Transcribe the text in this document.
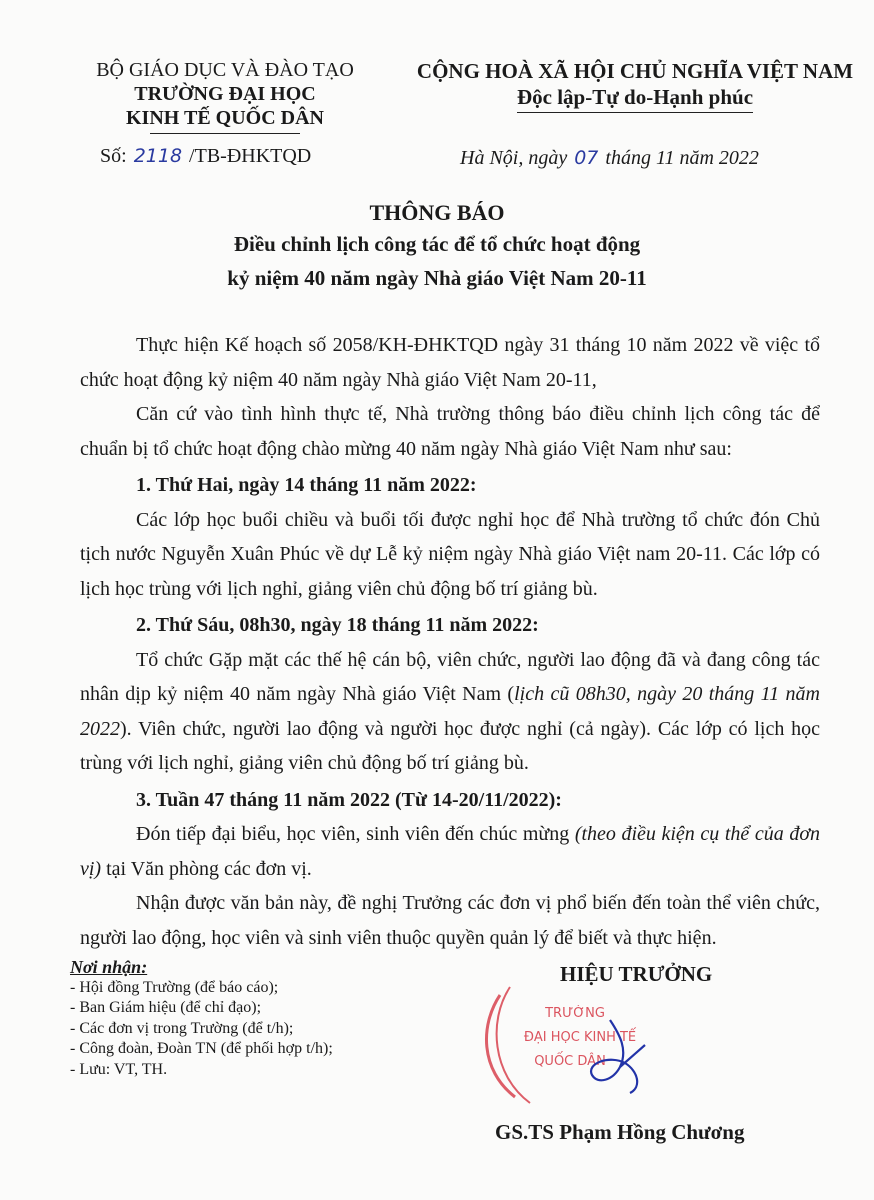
BỘ GIÁO DỤC VÀ ĐÀO TẠO
TRƯỜNG ĐẠI HỌC
KINH TẾ QUỐC DÂN
Số: 2118 /TB-ĐHKTQD
CỘNG HOÀ XÃ HỘI CHỦ NGHĨA VIỆT NAM
Độc lập-Tự do-Hạnh phúc
Hà Nội, ngày 07 tháng 11 năm 2022
THÔNG BÁO
Điều chỉnh lịch công tác để tổ chức hoạt động
kỷ niệm 40 năm ngày Nhà giáo Việt Nam 20-11

Thực hiện Kế hoạch số 2058/KH-ĐHKTQD ngày 31 tháng 10 năm 2022 về việc tổ chức hoạt động kỷ niệm 40 năm ngày Nhà giáo Việt Nam 20-11,

Căn cứ vào tình hình thực tế, Nhà trường thông báo điều chỉnh lịch công tác để chuẩn bị tổ chức hoạt động chào mừng 40 năm ngày Nhà giáo Việt Nam như sau:

1. Thứ Hai, ngày 14 tháng 11 năm 2022:

Các lớp học buổi chiều và buổi tối được nghỉ học để Nhà trường tổ chức đón Chủ tịch nước Nguyễn Xuân Phúc về dự Lễ kỷ niệm ngày Nhà giáo Việt nam 20-11. Các lớp có lịch học trùng với lịch nghỉ, giảng viên chủ động bố trí giảng bù.

2. Thứ Sáu, 08h30, ngày 18 tháng 11 năm 2022:

Tổ chức Gặp mặt các thế hệ cán bộ, viên chức, người lao động đã và đang công tác nhân dịp kỷ niệm 40 năm ngày Nhà giáo Việt Nam (lịch cũ 08h30, ngày 20 tháng 11 năm 2022). Viên chức, người lao động và người học được nghỉ (cả ngày). Các lớp có lịch học trùng với lịch nghỉ, giảng viên chủ động bố trí giảng bù.

3. Tuần 47 tháng 11 năm 2022 (Từ 14-20/11/2022):

Đón tiếp đại biểu, học viên, sinh viên đến chúc mừng (theo điều kiện cụ thể của đơn vị) tại Văn phòng các đơn vị.

Nhận được văn bản này, đề nghị Trưởng các đơn vị phổ biến đến toàn thể viên chức, người lao động, học viên và sinh viên thuộc quyền quản lý để biết và thực hiện.

Nơi nhận:
- Hội đồng Trường (để báo cáo);
- Ban Giám hiệu (để chỉ đạo);
- Các đơn vị trong Trường (để t/h);
- Công đoàn, Đoàn TN (để phối hợp t/h);
- Lưu: VT, TH.
HIỆU TRƯỞNG
TRƯỜNG
ĐẠI HỌC KINH TẾ
QUỐC DÂN
GS.TS Phạm Hồng Chương
